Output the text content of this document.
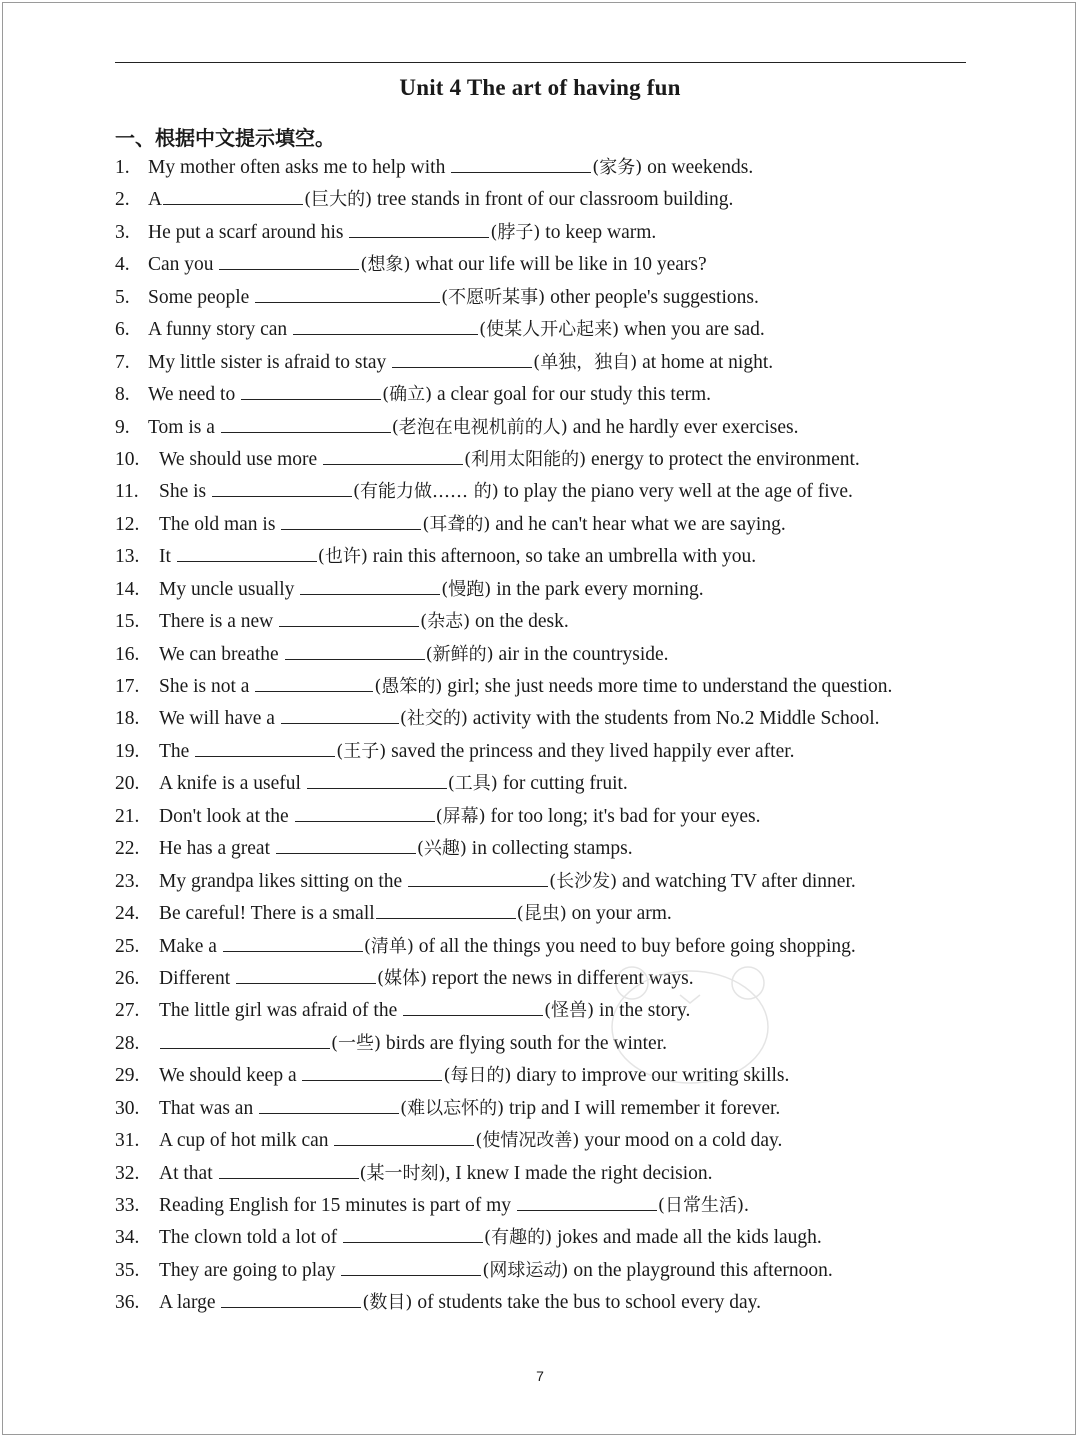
Unit 4 The art of having fun
一、根据中文提示填空。
1. My mother often asks me to help with	(家务) on weekends.
2. A	(巨大的) tree stands in front of our classroom building.
3. He put a scarf around his	(脖子) to keep warm.
4. Can you	(想象) what our life will be like in 10 years?
5. Some people	(不愿听某事) other people's suggestions.
6. A funny story can	(使某人开心起来) when you are sad.
7. My little sister is afraid to stay	(单独，独自) at home at night.
8. We need to	(确立) a clear goal for our study this term.
9. Tom is a	(老泡在电视机前的人) and he hardly ever exercises.
10. We should use more	(利用太阳能的) energy to protect the environment.
11. She is	(有能力做…… 的) to play the piano very well at the age of five.
12. The old man is	(耳聋的) and he can't hear what we are saying.
13. It	(也许) rain this afternoon, so take an umbrella with you.
14. My uncle usually	(慢跑) in the park every morning.
15. There is a new	(杂志) on the desk.
16. We can breathe	(新鲜的) air in the countryside.
17. She is not a	(愚笨的) girl; she just needs more time to understand the question.
18. We will have a	(社交的) activity with the students from No.2 Middle School.
19. The	(王子) saved the princess and they lived happily ever after.
20. A knife is a useful	(工具) for cutting fruit.
21. Don't look at the	(屏幕) for too long; it's bad for your eyes.
22. He has a great	(兴趣) in collecting stamps.
23. My grandpa likes sitting on the	(长沙发) and watching TV after dinner.
24. Be careful! There is a small	(昆虫) on your arm.
25. Make a	(清单) of all the things you need to buy before going shopping.
26. Different	(媒体) report the news in different ways.
27. The little girl was afraid of the	(怪兽) in the story.
28.	(一些) birds are flying south for the winter.
29. We should keep a	(每日的) diary to improve our writing skills.
30. That was an	(难以忘怀的) trip and I will remember it forever.
31. A cup of hot milk can	(使情况改善) your mood on a cold day.
32. At that	(某一时刻), I knew I made the right decision.
33. Reading English for 15 minutes is part of my	(日常生活).
34. The clown told a lot of	(有趣的) jokes and made all the kids laugh.
35. They are going to play	(网球运动) on the playground this afternoon.
36. A large	(数目) of students take the bus to school every day.
7
